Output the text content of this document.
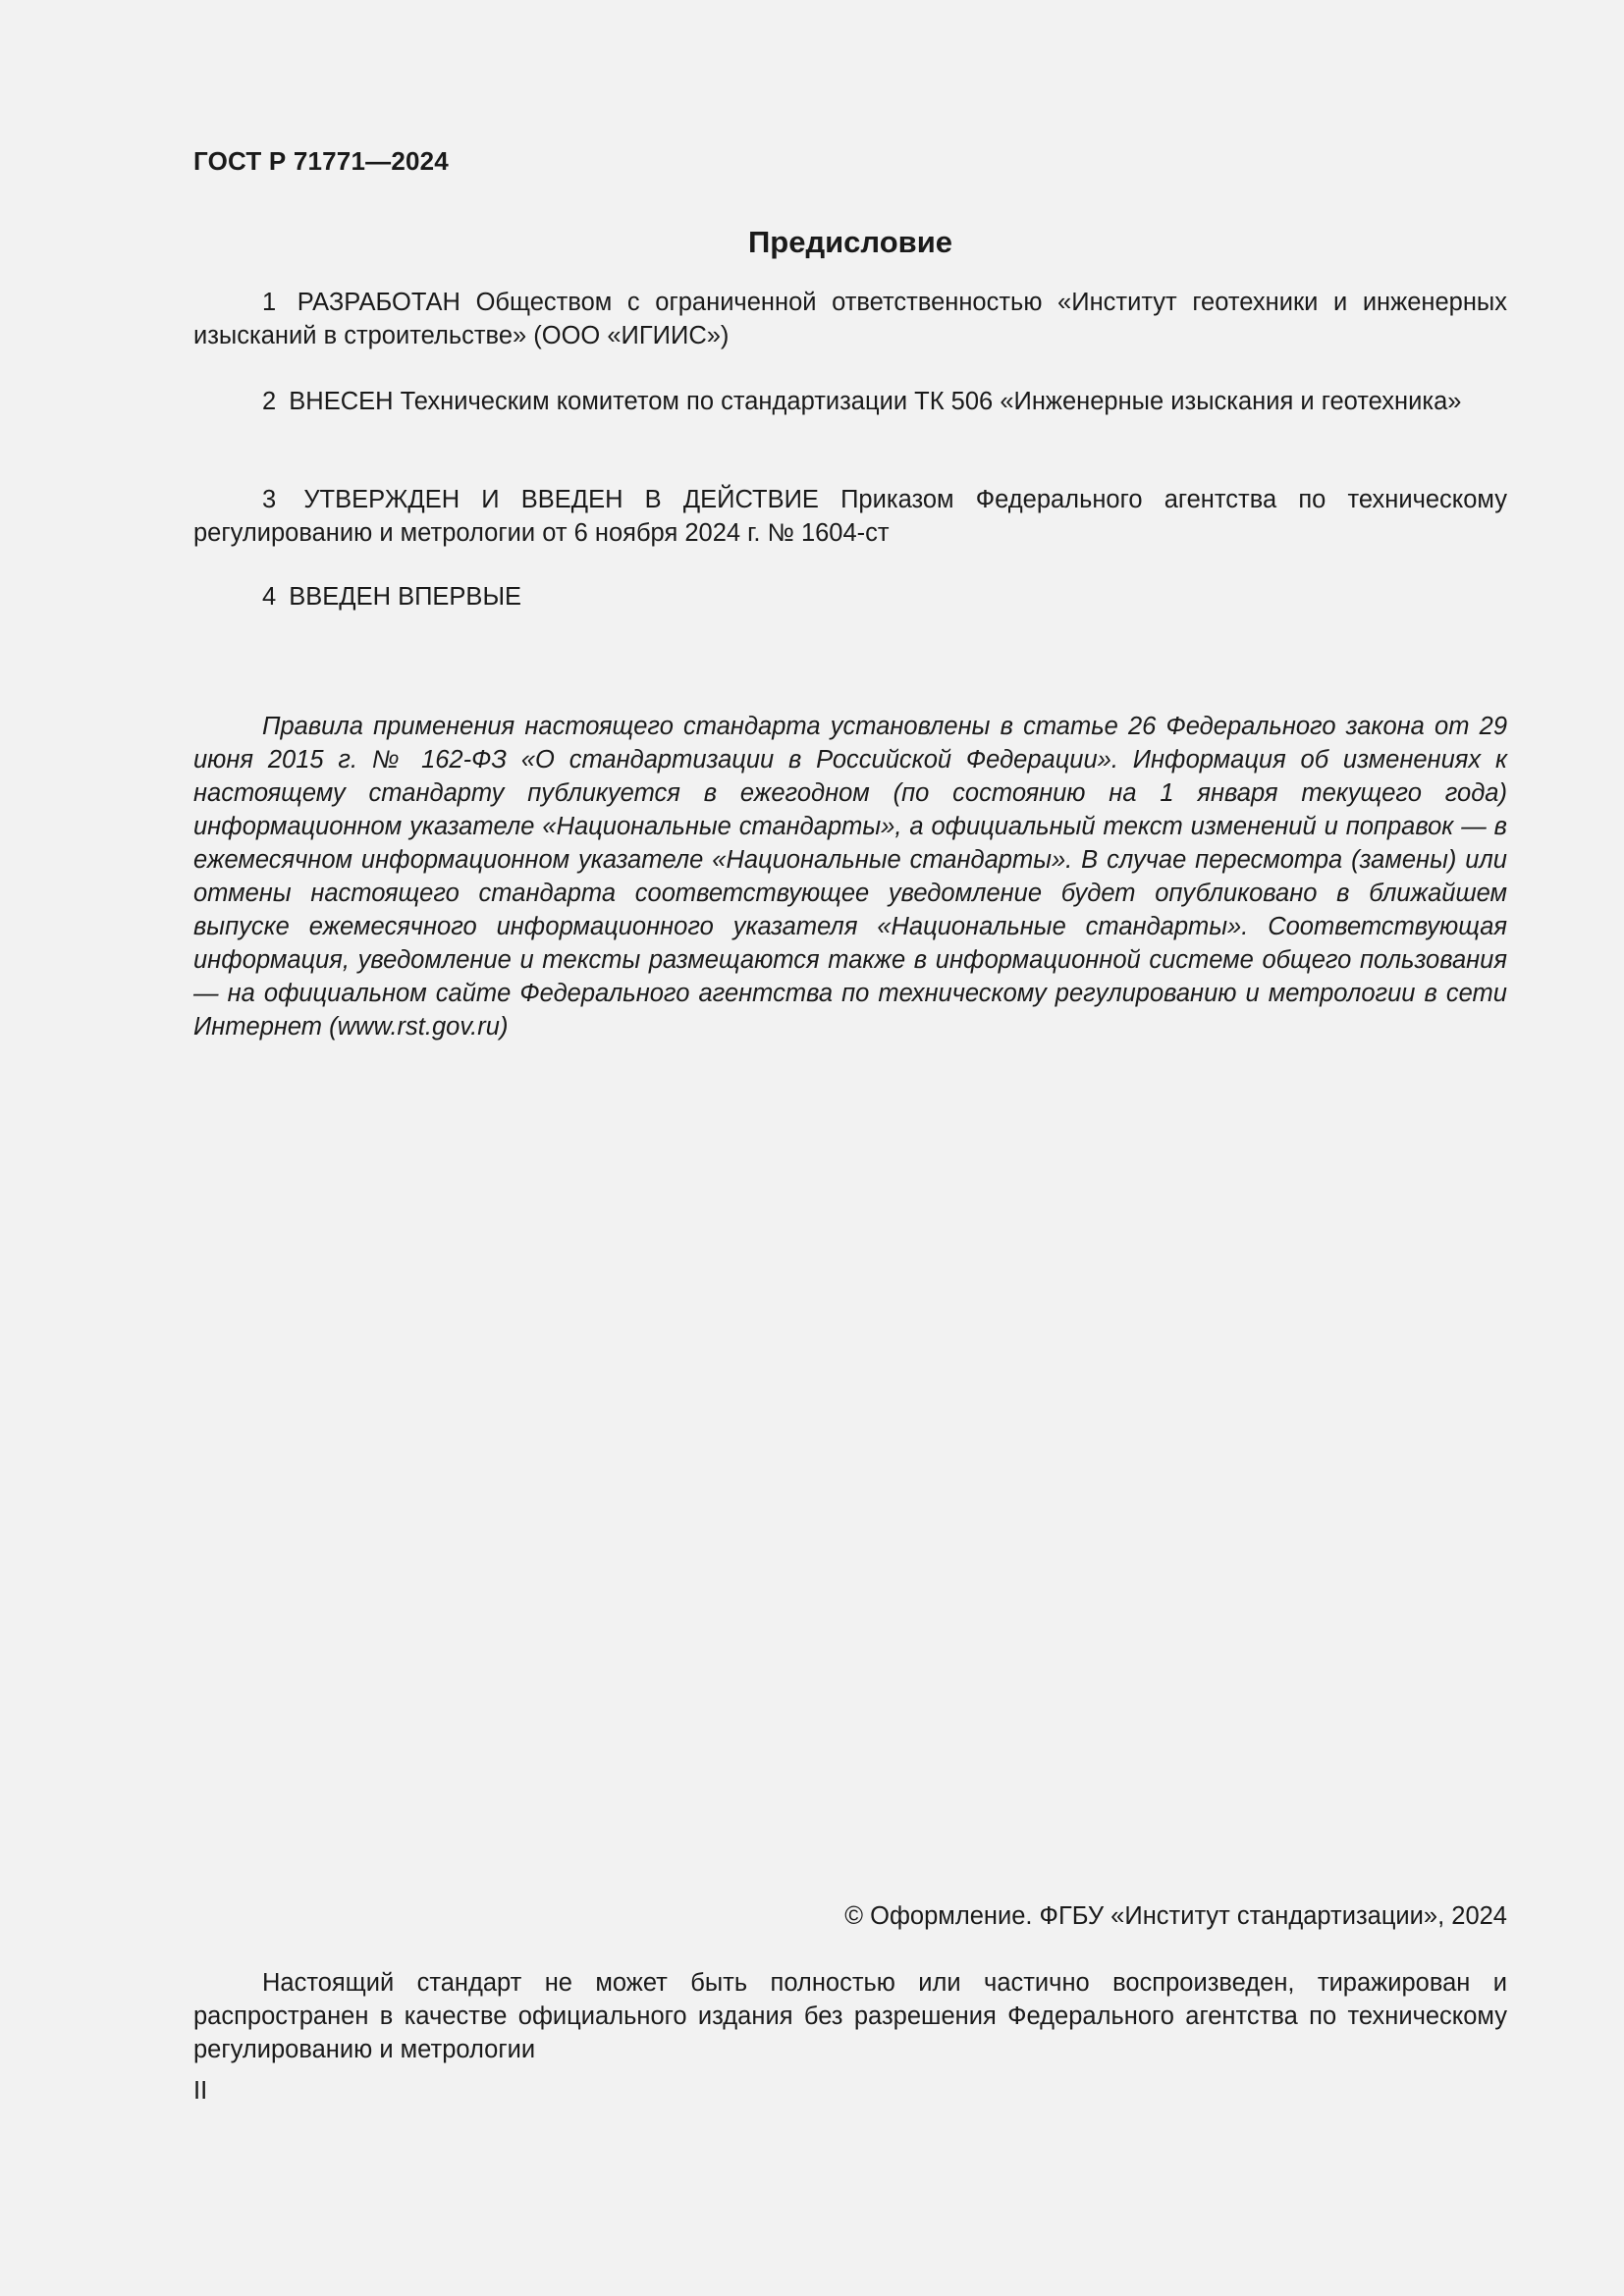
ГОСТ Р 71771—2024
Предисловие

1 РАЗРАБОТАН Обществом с ограниченной ответственностью «Институт геотехники и инженерных изысканий в строительстве» (ООО «ИГИИС»)

2 ВНЕСЕН Техническим комитетом по стандартизации ТК 506 «Инженерные изыскания и геотехника»

3 УТВЕРЖДЕН И ВВЕДЕН В ДЕЙСТВИЕ Приказом Федерального агентства по техническому регулированию и метрологии от 6 ноября 2024 г. № 1604-ст

4 ВВЕДЕН ВПЕРВЫЕ

Правила применения настоящего стандарта установлены в статье 26 Федерального закона от 29 июня 2015 г. № 162-ФЗ «О стандартизации в Российской Федерации». Информация об изменениях к настоящему стандарту публикуется в ежегодном (по состоянию на 1 января текущего года) информационном указателе «Национальные стандарты», а официальный текст изменений и поправок — в ежемесячном информационном указателе «Национальные стандарты». В случае пересмотра (замены) или отмены настоящего стандарта соответствующее уведомление будет опубликовано в ближайшем выпуске ежемесячного информационного указателя «Национальные стандарты». Соответствующая информация, уведомление и тексты размещаются также в информационной системе общего пользования — на официальном сайте Федерального агентства по техническому регулированию и метрологии в сети Интернет (www.rst.gov.ru)

© Оформление. ФГБУ «Институт стандартизации», 2024

Настоящий стандарт не может быть полностью или частично воспроизведен, тиражирован и распространен в качестве официального издания без разрешения Федерального агентства по техническому регулированию и метрологии

II
